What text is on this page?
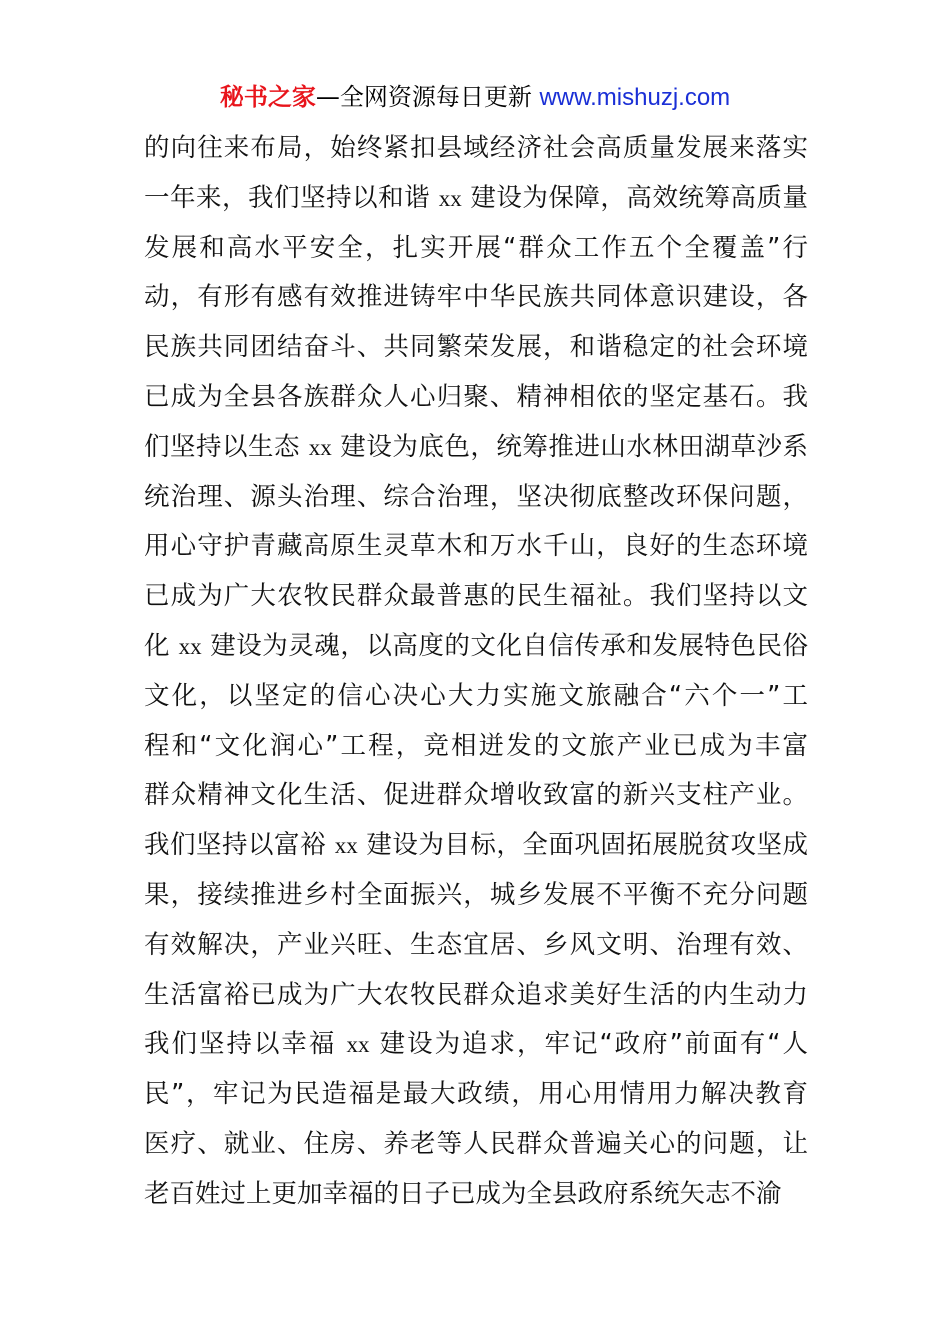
秘书之家—全网资源每日更新 www.mishuzj.com
的向往来布局，始终紧扣县域经济社会高质量发展来落实
一年来，我们坚持以和谐 xx 建设为保障，高效统筹高质量
发展和高水平安全，扎实开展“群众工作五个全覆盖”行
动，有形有感有效推进铸牢中华民族共同体意识建设，各
民族共同团结奋斗、共同繁荣发展，和谐稳定的社会环境
已成为全县各族群众人心归聚、精神相依的坚定基石。我
们坚持以生态 xx 建设为底色，统筹推进山水林田湖草沙系
统治理、源头治理、综合治理，坚决彻底整改环保问题，
用心守护青藏高原生灵草木和万水千山，良好的生态环境
已成为广大农牧民群众最普惠的民生福祉。我们坚持以文
化 xx 建设为灵魂，以高度的文化自信传承和发展特色民俗
文化，以坚定的信心决心大力实施文旅融合“六个一”工
程和“文化润心”工程，竞相迸发的文旅产业已成为丰富
群众精神文化生活、促进群众增收致富的新兴支柱产业。
我们坚持以富裕 xx 建设为目标，全面巩固拓展脱贫攻坚成
果，接续推进乡村全面振兴，城乡发展不平衡不充分问题
有效解决，产业兴旺、生态宜居、乡风文明、治理有效、
生活富裕已成为广大农牧民群众追求美好生活的内生动力
我们坚持以幸福 xx 建设为追求，牢记“政府”前面有“人
民”，牢记为民造福是最大政绩，用心用情用力解决教育
医疗、就业、住房、养老等人民群众普遍关心的问题，让
老百姓过上更加幸福的日子已成为全县政府系统矢志不渝
